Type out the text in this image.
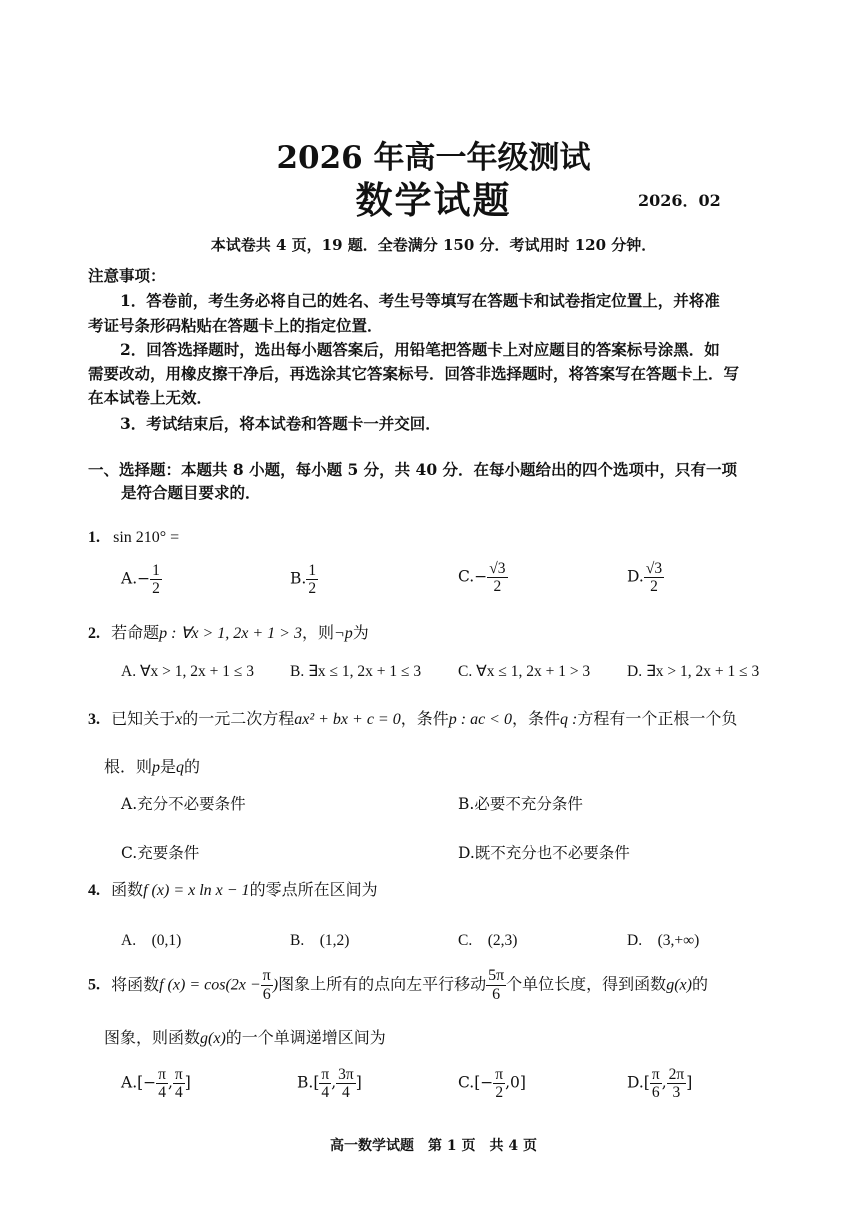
2026 年高一年级测试
数学试题	2026．02
本试卷共 4 页，19 题．全卷满分 150 分．考试用时 120 分钟．
注意事项：
1．答卷前，考生务必将自己的姓名、考生号等填写在答题卡和试卷指定位置上，并将准
考证号条形码粘贴在答题卡上的指定位置．
2．回答选择题时，选出每小题答案后，用铅笔把答题卡上对应题目的答案标号涂黑．如
需要改动，用橡皮擦干净后，再选涂其它答案标号．回答非选择题时，将答案写在答题卡上．写
在本试卷上无效．
3．考试结束后，将本试卷和答题卡一并交回．
一、选择题：本题共 8 小题，每小题 5 分，共 40 分．在每小题给出的四个选项中，只有一项
是符合题目要求的．
1. sin 210° =
$A.- \frac{1}{2}$	B. $\frac{1}{2}$	$C.- \frac{√3}{2}$	D. $\frac{√3}{2}$
2. 若命题p : ∀x > 1, 2x + 1 > 3，则¬p为
A. ∀x > 1, 2x + 1 ≤ 3 B. ∃x ≤ 1, 2x + 1 ≤ 3 C. ∀x ≤ 1, 2x + 1 > 3 D. ∃x > 1, 2x + 1 ≤ 3
3. 已知关于x的一元二次方程ax² + bx + c = 0，条件p : ac < 0，条件q :方程有一个正根一个负
根．则p是q的
A.充分不必要条件	B.必要不充分条件
C.充要条件	D.既不充分也不必要条件
4. 函数f (x) = x ln x − 1的零点所在区间为
A.　(0,1)	B.　(1,2)	C.　(2,3)	D.　(3,+∞)
5. 将函数f $(x) = \cos(2x - \frac{\pi}{6}$ )图象上所有的点向左平行移动 $\frac{5\pi}{6}$ 个单位长度，得到函数g(x)的
图象，则函数g(x)的一个单调递增区间为
$A.[- \frac{\pi}{4}$ , $\frac{\pi}{4}$ ]	$B.[ \frac{\pi}{4}$ , $\frac{3\pi}{4}$ ]	$C.[- \frac{\pi}{2} ,0]$	$D.[ \frac{\pi}{6}$ , $\frac{2\pi}{3}$ ]
高一数学试题　第 1 页　共 4 页
